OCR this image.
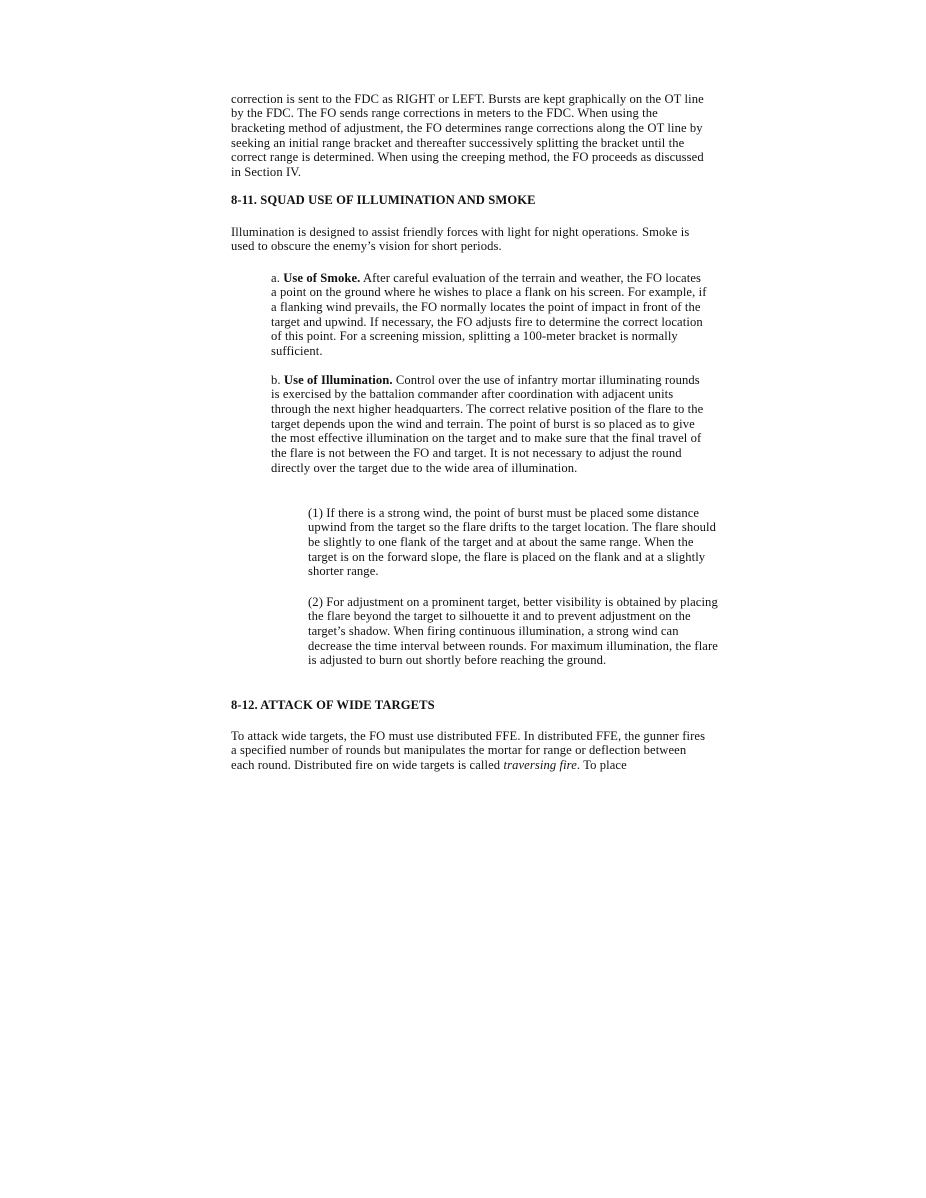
correction is sent to the FDC as RIGHT or LEFT. Bursts are kept graphically on the OT line by the FDC. The FO sends range corrections in meters to the FDC. When using the bracketing method of adjustment, the FO determines range corrections along the OT line by seeking an initial range bracket and thereafter successively splitting the bracket until the correct range is determined. When using the creeping method, the FO proceeds as discussed in Section IV.

8-11. SQUAD USE OF ILLUMINATION AND SMOKE

Illumination is designed to assist friendly forces with light for night operations. Smoke is used to obscure the enemy’s vision for short periods.

a. Use of Smoke. After careful evaluation of the terrain and weather, the FO locates a point on the ground where he wishes to place a flank on his screen. For example, if a flanking wind prevails, the FO normally locates the point of impact in front of the target and upwind. If necessary, the FO adjusts fire to determine the correct location of this point. For a screening mission, splitting a 100-meter bracket is normally sufficient.

b. Use of Illumination. Control over the use of infantry mortar illuminating rounds is exercised by the battalion commander after coordination with adjacent units through the next higher headquarters. The correct relative position of the flare to the target depends upon the wind and terrain. The point of burst is so placed as to give the most effective illumination on the target and to make sure that the final travel of the flare is not between the FO and target. It is not necessary to adjust the round directly over the target due to the wide area of illumination.

(1) If there is a strong wind, the point of burst must be placed some distance upwind from the target so the flare drifts to the target location. The flare should be slightly to one flank of the target and at about the same range. When the target is on the forward slope, the flare is placed on the flank and at a slightly shorter range.

(2) For adjustment on a prominent target, better visibility is obtained by placing the flare beyond the target to silhouette it and to prevent adjustment on the target’s shadow. When firing continuous illumination, a strong wind can decrease the time interval between rounds. For maximum illumination, the flare is adjusted to burn out shortly before reaching the ground.

8-12. ATTACK OF WIDE TARGETS

To attack wide targets, the FO must use distributed FFE. In distributed FFE, the gunner fires a specified number of rounds but manipulates the mortar for range or deflection between each round. Distributed fire on wide targets is called traversing fire. To place
